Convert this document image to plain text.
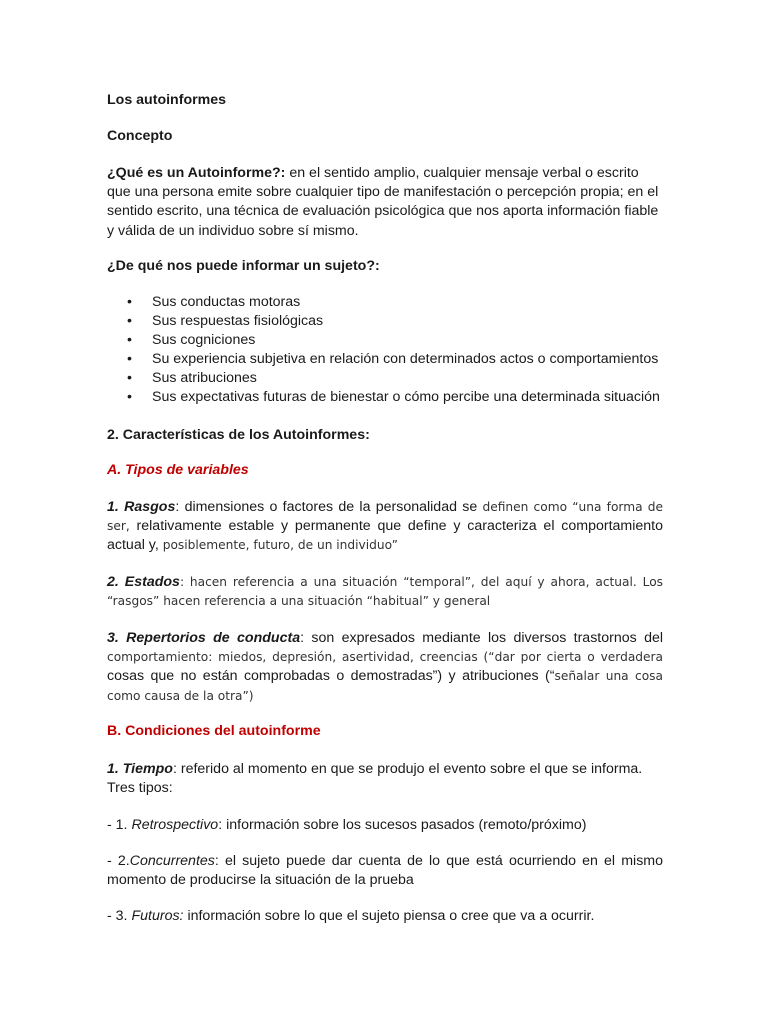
Los autoinformes

Concepto

¿Qué es un Autoinforme?: en el sentido amplio, cualquier mensaje verbal o escrito que una persona emite sobre cualquier tipo de manifestación o percepción propia; en el sentido escrito, una técnica de evaluación psicológica que nos aporta información fiable y válida de un individuo sobre sí mismo.

¿De qué nos puede informar un sujeto?:

• Sus conductas motoras
• Sus respuestas fisiológicas
• Sus cogniciones
• Su experiencia subjetiva en relación con determinados actos o comportamientos
• Sus atribuciones
• Sus expectativas futuras de bienestar o cómo percibe una determinada situación

2. Características de los Autoinformes:

A. Tipos de variables

1. Rasgos: dimensiones o factores de la personalidad se definen como “una forma de ser, relativamente estable y permanente que define y caracteriza el comportamiento actual y, posiblemente, futuro, de un individuo”

2. Estados: hacen referencia a una situación “temporal”, del aquí y ahora, actual. Los “rasgos” hacen referencia a una situación “habitual” y general

3. Repertorios de conducta: son expresados mediante los diversos trastornos del comportamiento: miedos, depresión, asertividad, creencias (“dar por cierta o verdadera cosas que no están comprobadas o demostradas”) y atribuciones (“señalar una cosa como causa de la otra”)

B. Condiciones del autoinforme

1. Tiempo: referido al momento en que se produjo el evento sobre el que se informa. Tres tipos:

- 1. Retrospectivo: información sobre los sucesos pasados (remoto/próximo)

- 2.Concurrentes: el sujeto puede dar cuenta de lo que está ocurriendo en el mismo momento de producirse la situación de la prueba

- 3. Futuros: información sobre lo que el sujeto piensa o cree que va a ocurrir.
